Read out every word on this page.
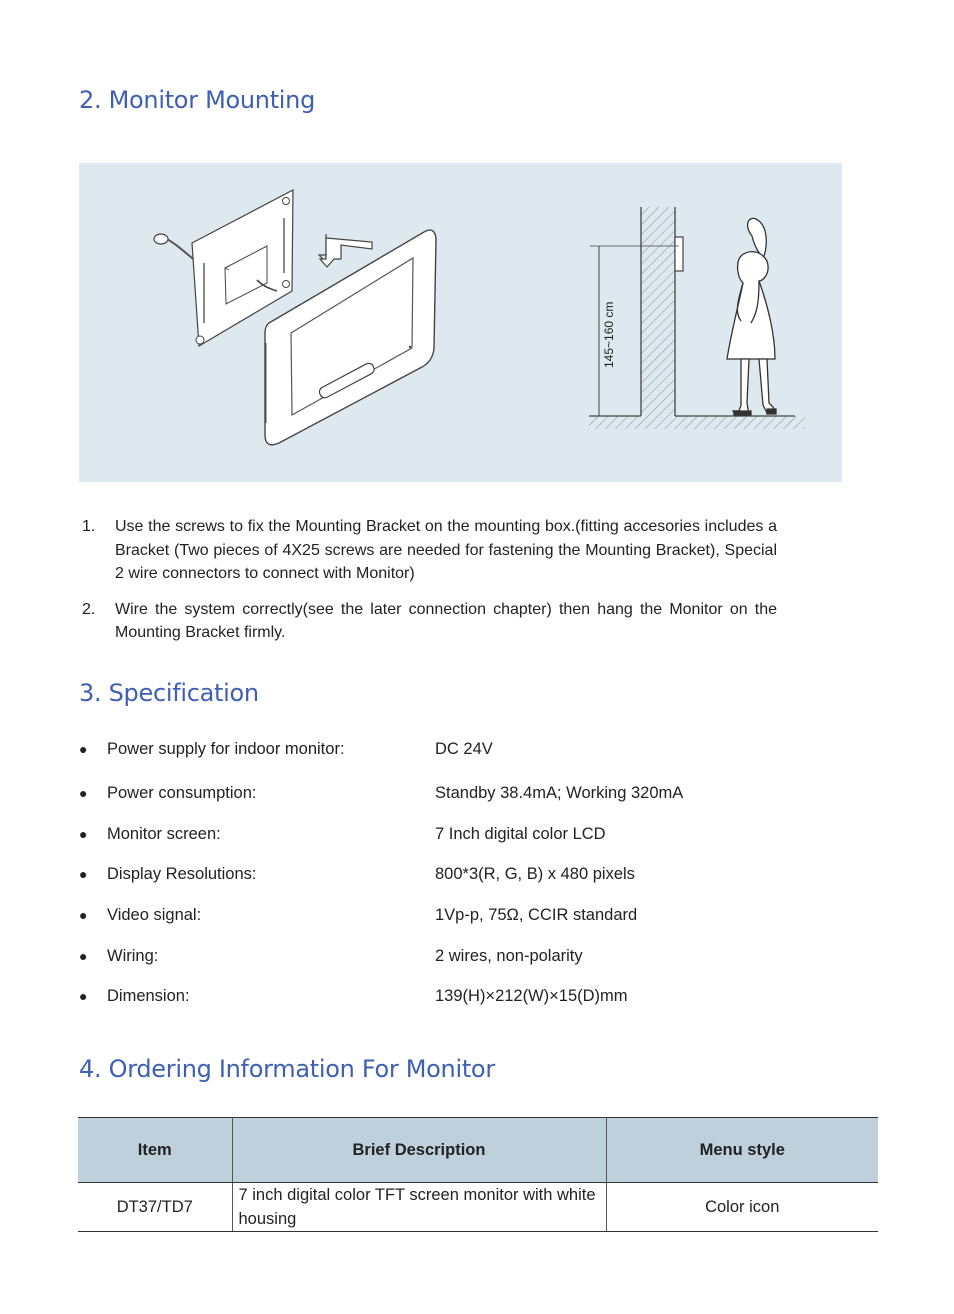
2. Monitor Mounting
145~160 cm
1. Use the screws to fix the Mounting Bracket on the mounting box.(fitting accesories includes a Bracket (Two pieces of 4X25 screws are needed for fastening the Mounting Bracket), Special 2 wire connectors to connect with Monitor)
2. Wire the system correctly(see the later connection chapter) then hang the Monitor on the Mounting Bracket firmly.
3. Specification
● Power supply for indoor monitor:	DC 24V
● Power consumption:	Standby 38.4mA; Working 320mA
● Monitor screen:	7 Inch digital color LCD
● Display Resolutions:	800*3(R, G, B) x 480 pixels
● Video signal:	1Vp-p, 75Ω, CCIR standard
● Wiring:	2 wires, non-polarity
● Dimension:	139(H)×212(W)×15(D)mm
4. Ordering Information For Monitor
Item	Brief Description	Menu style
DT37/TD7	7 inch digital color TFT screen monitor with white housing	Color icon
